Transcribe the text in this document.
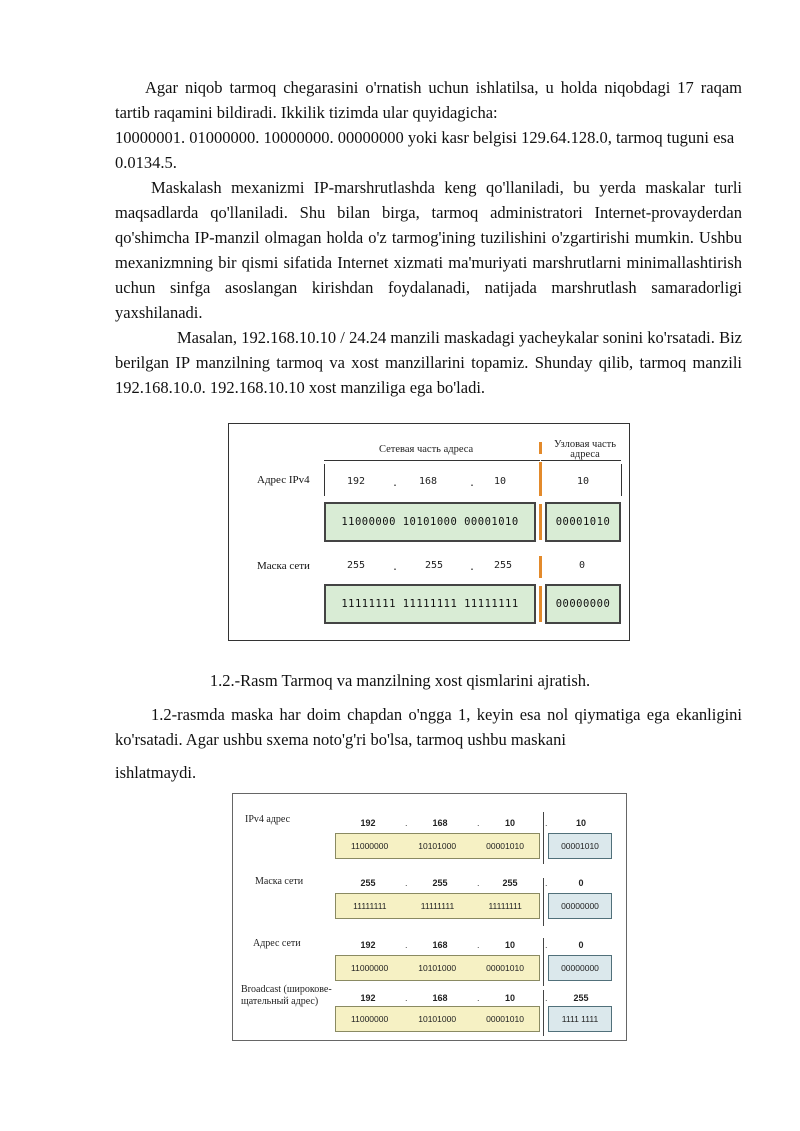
Agar niqob tarmoq chegarasini o'rnatish uchun ishlatilsa, u holda niqobdagi 17 raqam tartib raqamini bildiradi. Ikkilik tizimda ular quyidagicha:

10000001. 01000000. 10000000. 00000000 yoki kasr belgisi 129.64.128.0, tarmoq tuguni esa 0.0134.5.

Maskalash mexanizmi IP-marshrutlashda keng qo'llaniladi, bu yerda maskalar turli maqsadlarda qo'llaniladi. Shu bilan birga, tarmoq administratori Internet-provayderdan qo'shimcha IP-manzil olmagan holda o'z tarmog'ining tuzilishini o'zgartirishi mumkin. Ushbu mexanizmning bir qismi sifatida Internet xizmati ma'muriyati marshrutlarni minimallashtirish uchun sinfga asoslangan kirishdan foydalanadi, natijada marshrutlash samaradorligi yaxshilanadi.

Masalan, 192.168.10.10 / 24.24 manzili maskadagi yacheykalar sonini ko'rsatadi. Biz berilgan IP manzilning tarmoq va xost manzillarini topamiz. Shunday qilib, tarmoq manzili 192.168.10.0. 192.168.10.10 xost manziliga ega bo'ladi.

Сетевая часть адреса	Узловая часть
адреса
Адрес IPv4	192	. 168	. 10	10
11000000 10101000 00001010	00001010
Маска сети	255	.	255	. 255	0
11111111 11111111 11111111	00000000
1.2.-Rasm Tarmoq va manzilning xost qismlarini ajratish.

1.2-rasmda maska har doim chapdan o'ngga 1, keyin esa nol qiymatiga ega ekanligini ko'rsatadi. Agar ushbu sxema noto'g'ri bo'lsa, tarmoq ushbu maskani

ishlatmaydi.

IPv4 адрес	192	.	168	.	10	.	10
11000000	10101000	00001010	00001010
Маска сети	255	.	255	.	255	.	0
11111111	11111111	11111111	00000000
Адрес сети	192	.	168	.	10	.	0
11000000	10101000	00001010	00000000
Broadcast (широкове-щательный адрес)	192	.	168	.	10	.	255
11000000	10101000	00001010	1111 1111
